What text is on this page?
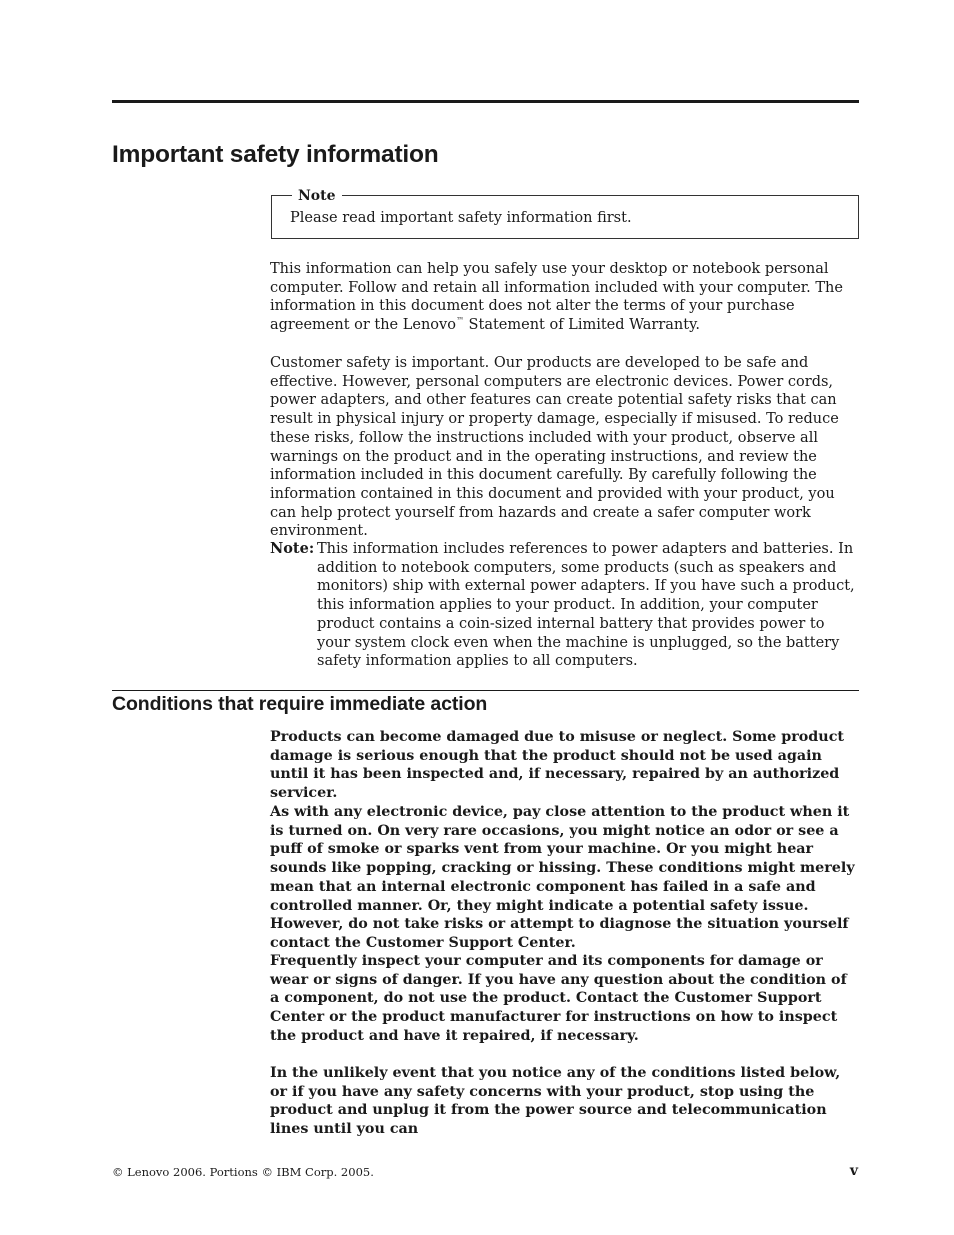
Important safety information
Note
Please read important safety information first.

This information can help you safely use your desktop or notebook personal computer. Follow and retain all information included with your computer. The information in this document does not alter the terms of your purchase agreement or the Lenovo™ Statement of Limited Warranty.

Customer safety is important. Our products are developed to be safe and effective. However, personal computers are electronic devices. Power cords, power adapters, and other features can create potential safety risks that can result in physical injury or property damage, especially if misused. To reduce these risks, follow the instructions included with your product, observe all warnings on the product and in the operating instructions, and review the information included in this document carefully. By carefully following the information contained in this document and provided with your product, you can help protect yourself from hazards and create a safer computer work environment.

Note: This information includes references to power adapters and batteries. In addition to notebook computers, some products (such as speakers and monitors) ship with external power adapters. If you have such a product, this information applies to your product. In addition, your computer product contains a coin-sized internal battery that provides power to your system clock even when the machine is unplugged, so the battery safety information applies to all computers.
Conditions that require immediate action

Products can become damaged due to misuse or neglect. Some product damage is serious enough that the product should not be used again until it has been inspected and, if necessary, repaired by an authorized servicer.

As with any electronic device, pay close attention to the product when it is turned on. On very rare occasions, you might notice an odor or see a puff of smoke or sparks vent from your machine. Or you might hear sounds like popping, cracking or hissing. These conditions might merely mean that an internal electronic component has failed in a safe and controlled manner. Or, they might indicate a potential safety issue. However, do not take risks or attempt to diagnose the situation yourself contact the Customer Support Center.

Frequently inspect your computer and its components for damage or wear or signs of danger. If you have any question about the condition of a component, do not use the product. Contact the Customer Support Center or the product manufacturer for instructions on how to inspect the product and have it repaired, if necessary.

In the unlikely event that you notice any of the conditions listed below, or if you have any safety concerns with your product, stop using the product and unplug it from the power source and telecommunication lines until you can

© Lenovo 2006. Portions © IBM Corp. 2005.	v
